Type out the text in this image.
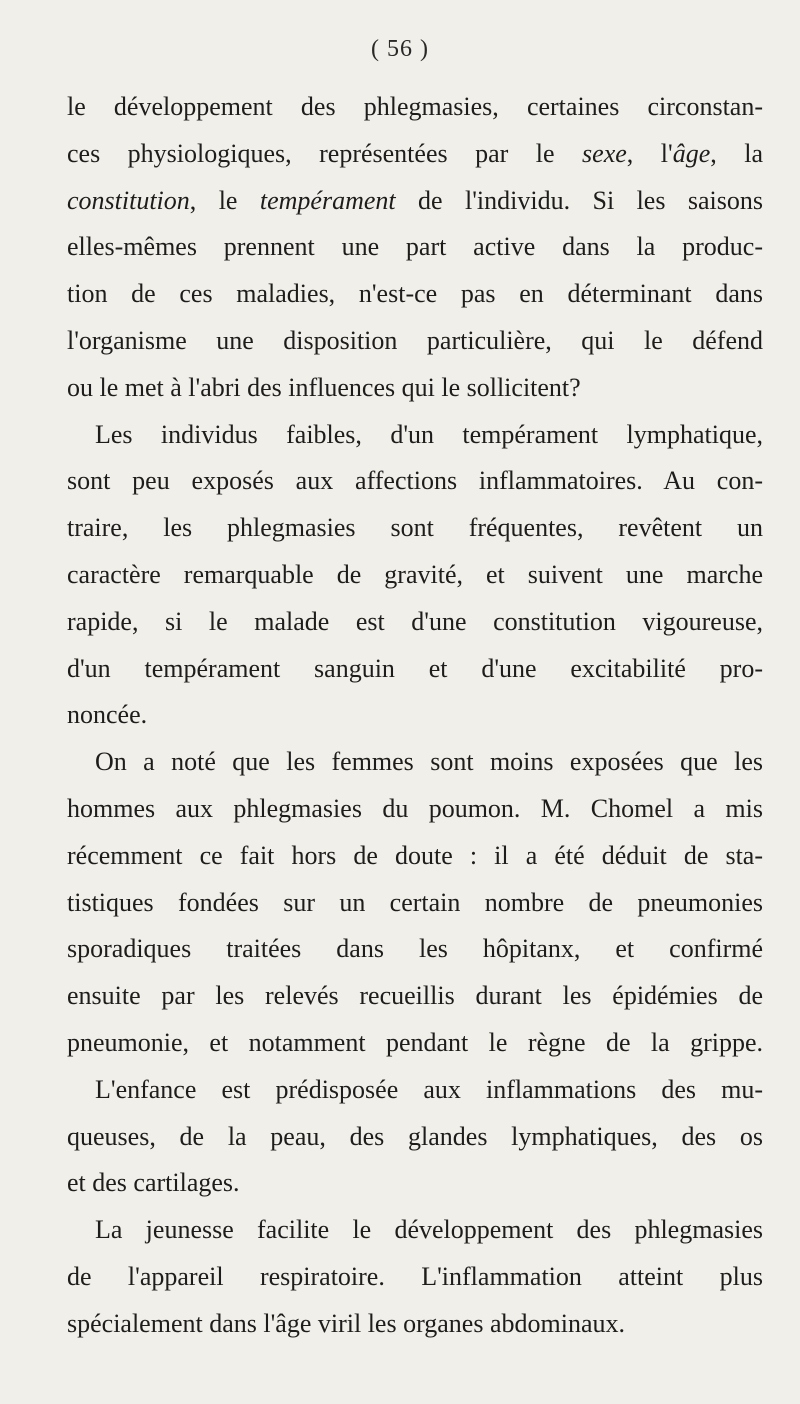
( 56 )
le développement des phlegmasies, certaines circonstan-
ces physiologiques, représentées par le sexe, l'âge, la
constitution, le tempérament de l'individu. Si les saisons
elles-mêmes prennent une part active dans la produc-
tion de ces maladies, n'est-ce pas en déterminant dans
l'organisme une disposition particulière, qui le défend
ou le met à l'abri des influences qui le sollicitent?
Les individus faibles, d'un tempérament lymphatique,
sont peu exposés aux affections inflammatoires. Au con-
traire, les phlegmasies sont fréquentes, revêtent un
caractère remarquable de gravité, et suivent une marche
rapide, si le malade est d'une constitution vigoureuse,
d'un tempérament sanguin et d'une excitabilité pro-
noncée.
On a noté que les femmes sont moins exposées que les
hommes aux phlegmasies du poumon. M. Chomel a mis
récemment ce fait hors de doute : il a été déduit de sta-
tistiques fondées sur un certain nombre de pneumonies
sporadiques traitées dans les hôpitanx, et confirmé
ensuite par les relevés recueillis durant les épidémies de
pneumonie, et notamment pendant le règne de la grippe.
L'enfance est prédisposée aux inflammations des mu-
queuses, de la peau, des glandes lymphatiques, des os
et des cartilages.
La jeunesse facilite le développement des phlegmasies
de l'appareil respiratoire. L'inflammation atteint plus
spécialement dans l'âge viril les organes abdominaux.
